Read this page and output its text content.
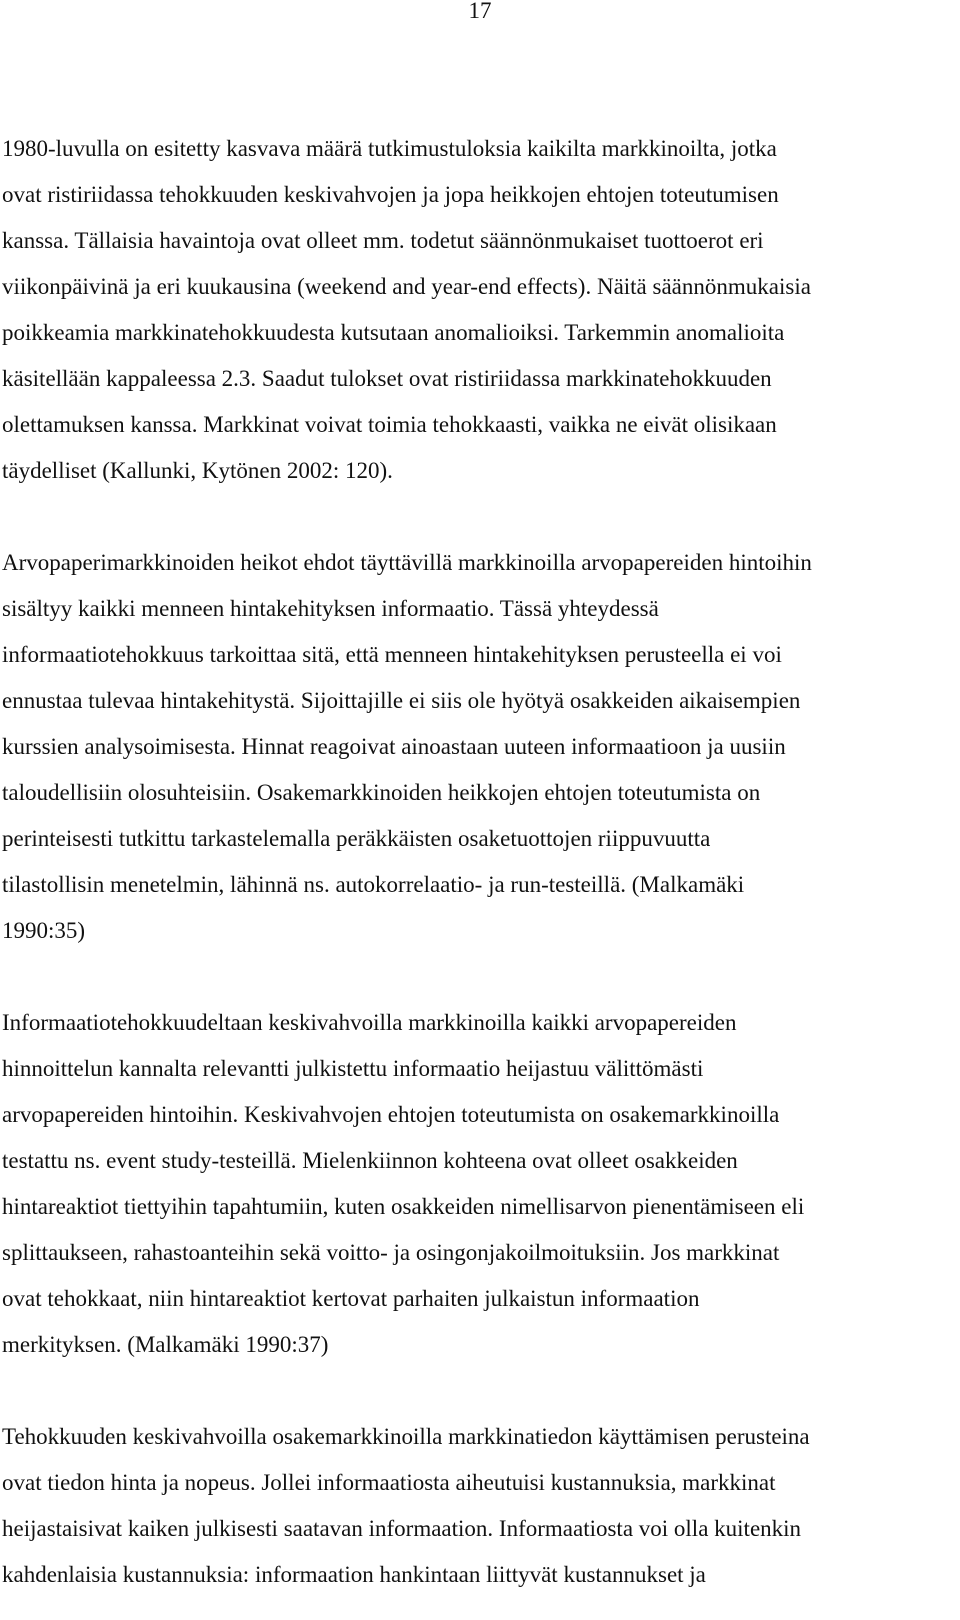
17

1980-luvulla on esitetty kasvava määrä tutkimustuloksia kaikilta markkinoilta, jotka
ovat ristiriidassa tehokkuuden keskivahvojen ja jopa heikkojen ehtojen toteutumisen
kanssa. Tällaisia havaintoja ovat olleet mm. todetut säännönmukaiset tuottoerot eri
viikonpäivinä ja eri kuukausina (weekend and year-end effects). Näitä säännönmukaisia
poikkeamia markkinatehokkuudesta kutsutaan anomalioiksi. Tarkemmin anomalioita
käsitellään kappaleessa 2.3. Saadut tulokset ovat ristiriidassa markkinatehokkuuden
olettamuksen kanssa. Markkinat voivat toimia tehokkaasti, vaikka ne eivät olisikaan
täydelliset (Kallunki, Kytönen 2002: 120).

Arvopaperimarkkinoiden heikot ehdot täyttävillä markkinoilla arvopapereiden hintoihin
sisältyy kaikki menneen hintakehityksen informaatio. Tässä yhteydessä
informaatiotehokkuus tarkoittaa sitä, että menneen hintakehityksen perusteella ei voi
ennustaa tulevaa hintakehitystä. Sijoittajille ei siis ole hyötyä osakkeiden aikaisempien
kurssien analysoimisesta. Hinnat reagoivat ainoastaan uuteen informaatioon ja uusiin
taloudellisiin olosuhteisiin. Osakemarkkinoiden heikkojen ehtojen toteutumista on
perinteisesti tutkittu tarkastelemalla peräkkäisten osaketuottojen riippuvuutta
tilastollisin menetelmin, lähinnä ns. autokorrelaatio- ja run-testeillä. (Malkamäki
1990:35)

Informaatiotehokkuudeltaan keskivahvoilla markkinoilla kaikki arvopapereiden
hinnoittelun kannalta relevantti julkistettu informaatio heijastuu välittömästi
arvopapereiden hintoihin. Keskivahvojen ehtojen toteutumista on osakemarkkinoilla
testattu ns. event study-testeillä. Mielenkiinnon kohteena ovat olleet osakkeiden
hintareaktiot tiettyihin tapahtumiin, kuten osakkeiden nimellisarvon pienentämiseen eli
splittaukseen, rahastoanteihin sekä voitto- ja osingonjakoilmoituksiin. Jos markkinat
ovat tehokkaat, niin hintareaktiot kertovat parhaiten julkaistun informaation
merkityksen. (Malkamäki 1990:37)

Tehokkuuden keskivahvoilla osakemarkkinoilla markkinatiedon käyttämisen perusteina
ovat tiedon hinta ja nopeus. Jollei informaatiosta aiheutuisi kustannuksia, markkinat
heijastaisivat kaiken julkisesti saatavan informaation. Informaatiosta voi olla kuitenkin
kahdenlaisia kustannuksia: informaation hankintaan liittyvät kustannukset ja
